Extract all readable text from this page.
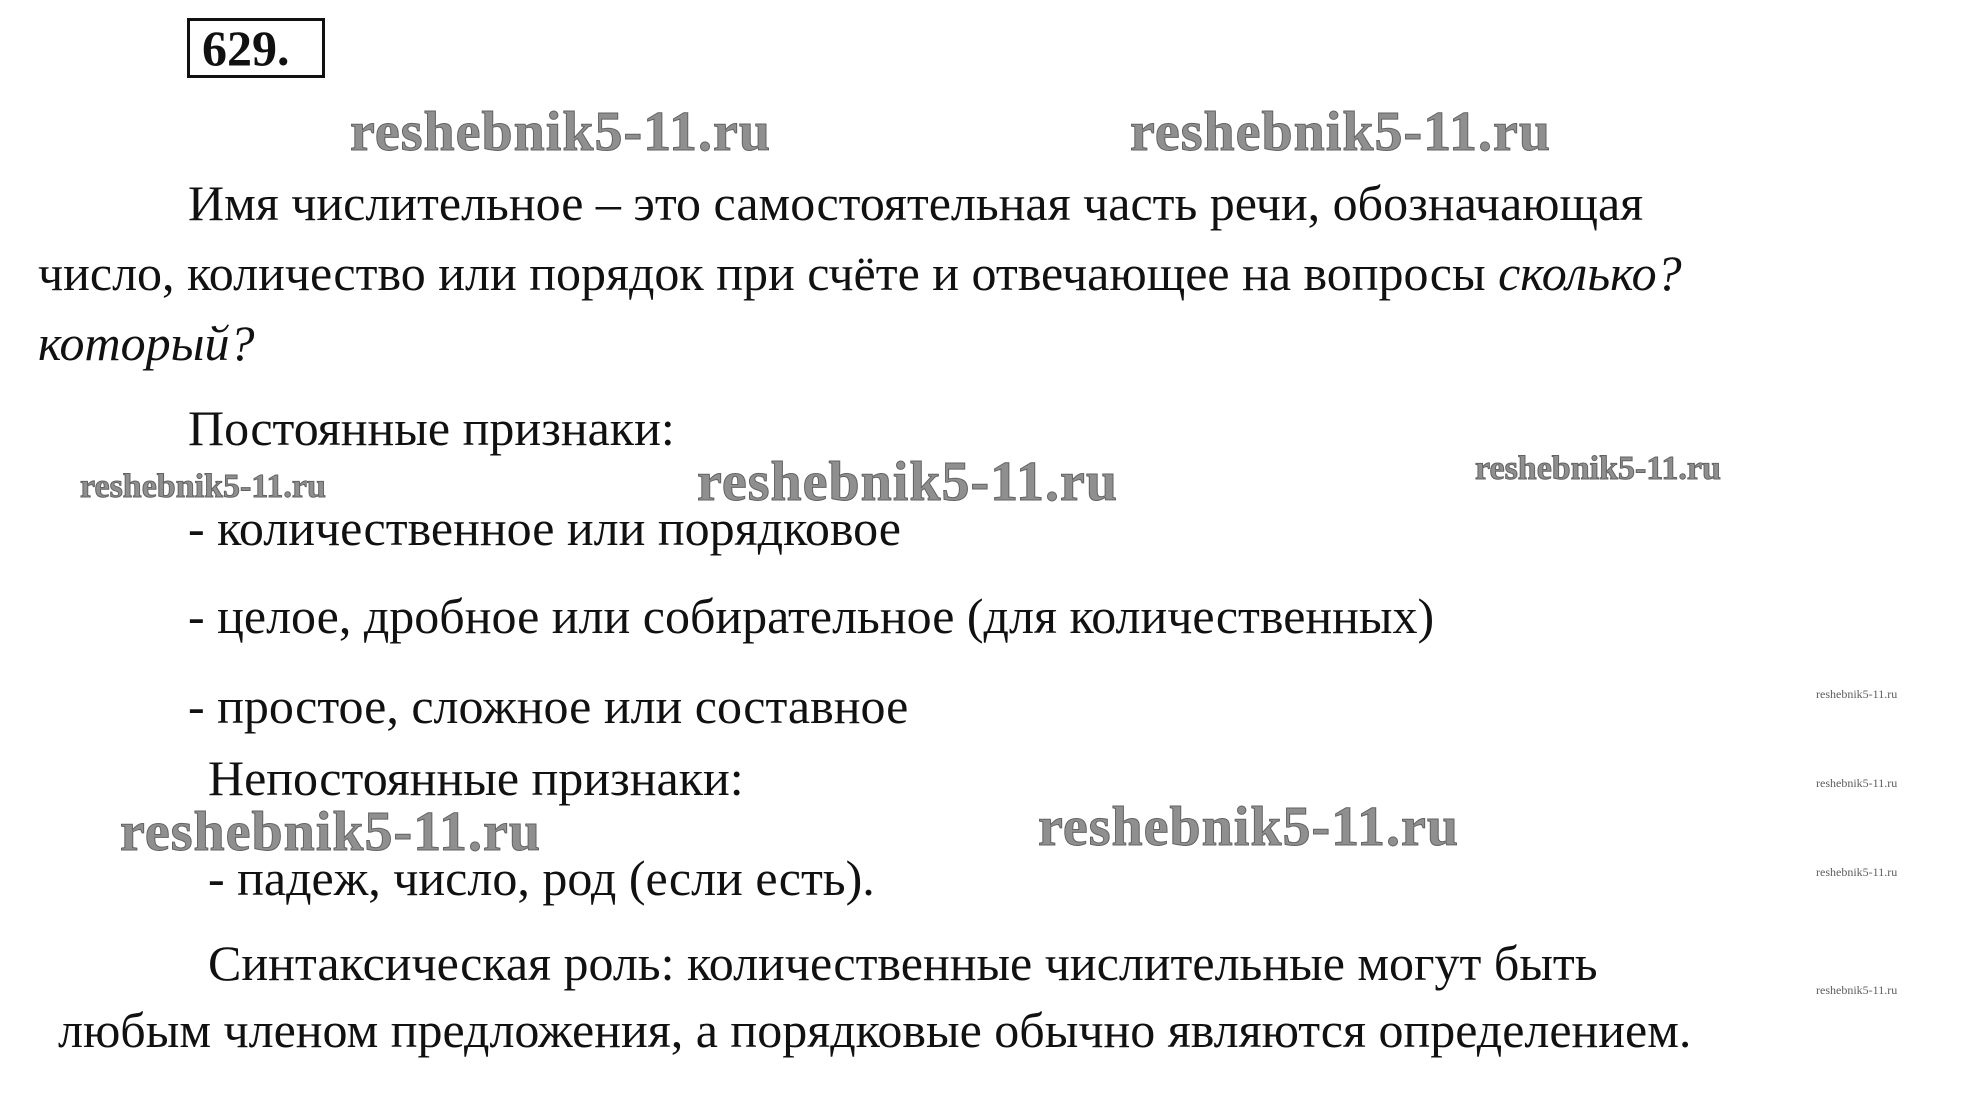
629.
Имя числительное – это самостоятельная часть речи, обозначающая
число, количество или порядок при счёте и отвечающее на вопросы сколько?
который?
Постоянные признаки:
- количественное или порядковое
- целое, дробное или собирательное (для количественных)
- простое, сложное или составное
Непостоянные признаки:
- падеж, число, род (если есть).
Синтаксическая роль: количественные числительные могут быть
любым членом предложения, а порядковые обычно являются определением.
reshebnik5-11.ru	reshebnik5-11.ru
reshebnik5-11.ru	reshebnik5-11.ru	reshebnik5-11.ru
reshebnik5-11.ru	reshebnik5-11.ru
reshebnik5-11.ru
reshebnik5-11.ru
reshebnik5-11.ru
reshebnik5-11.ru
